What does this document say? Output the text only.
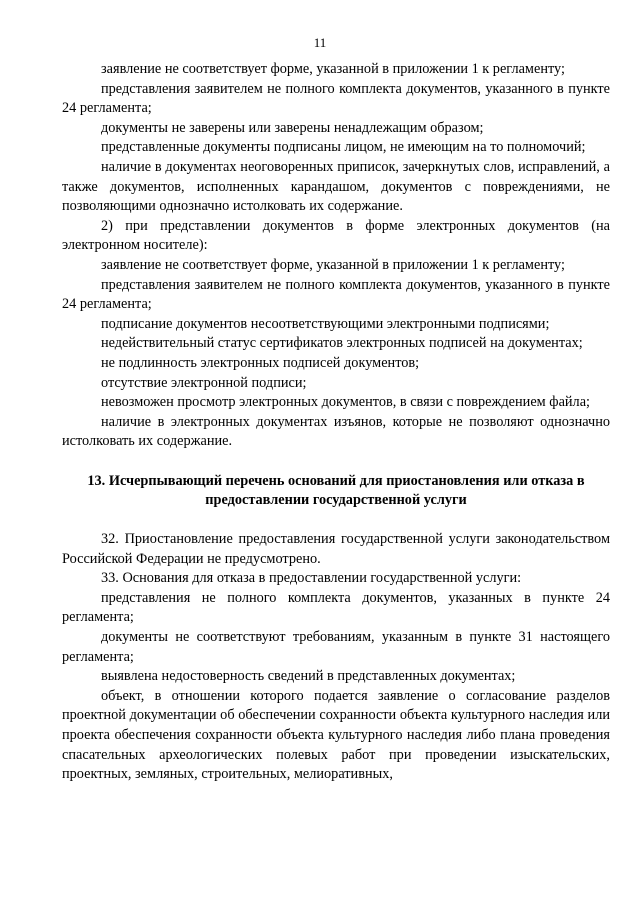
11

заявление не соответствует форме, указанной в приложении 1 к регламенту;

представления заявителем не полного комплекта документов, указанного в пункте 24 регламента;

документы не заверены или заверены ненадлежащим образом;

представленные документы подписаны лицом, не имеющим на то полномочий;

наличие в документах неоговоренных приписок, зачеркнутых слов, исправлений, а также документов, исполненных карандашом, документов с повреждениями, не позволяющими однозначно истолковать их содержание.

2) при представлении документов в форме электронных документов (на электронном носителе):

заявление не соответствует форме, указанной в приложении 1 к регламенту;

представления заявителем не полного комплекта документов, указанного в пункте 24 регламента;

подписание документов несоответствующими электронными подписями;

недействительный статус сертификатов электронных подписей на документах;

не подлинность электронных подписей документов;

отсутствие электронной подписи;

невозможен просмотр электронных документов, в связи с повреждением файла;

наличие в электронных документах изъянов, которые не позволяют однозначно истолковать их содержание.

13. Исчерпывающий перечень оснований для приостановления или отказа в предоставлении государственной услуги

32. Приостановление предоставления государственной услуги законодательством Российской Федерации не предусмотрено.

33. Основания для отказа в предоставлении государственной услуги:

представления не полного комплекта документов, указанных в пункте 24 регламента;

документы не соответствуют требованиям, указанным в пункте 31 настоящего регламента;

выявлена недостоверность сведений в представленных документах;

объект, в отношении которого подается заявление о согласование разделов проектной документации об обеспечении сохранности объекта культурного наследия или проекта обеспечения сохранности объекта культурного наследия либо плана проведения спасательных археологических полевых работ при проведении изыскательских, проектных, земляных, строительных, мелиоративных,
